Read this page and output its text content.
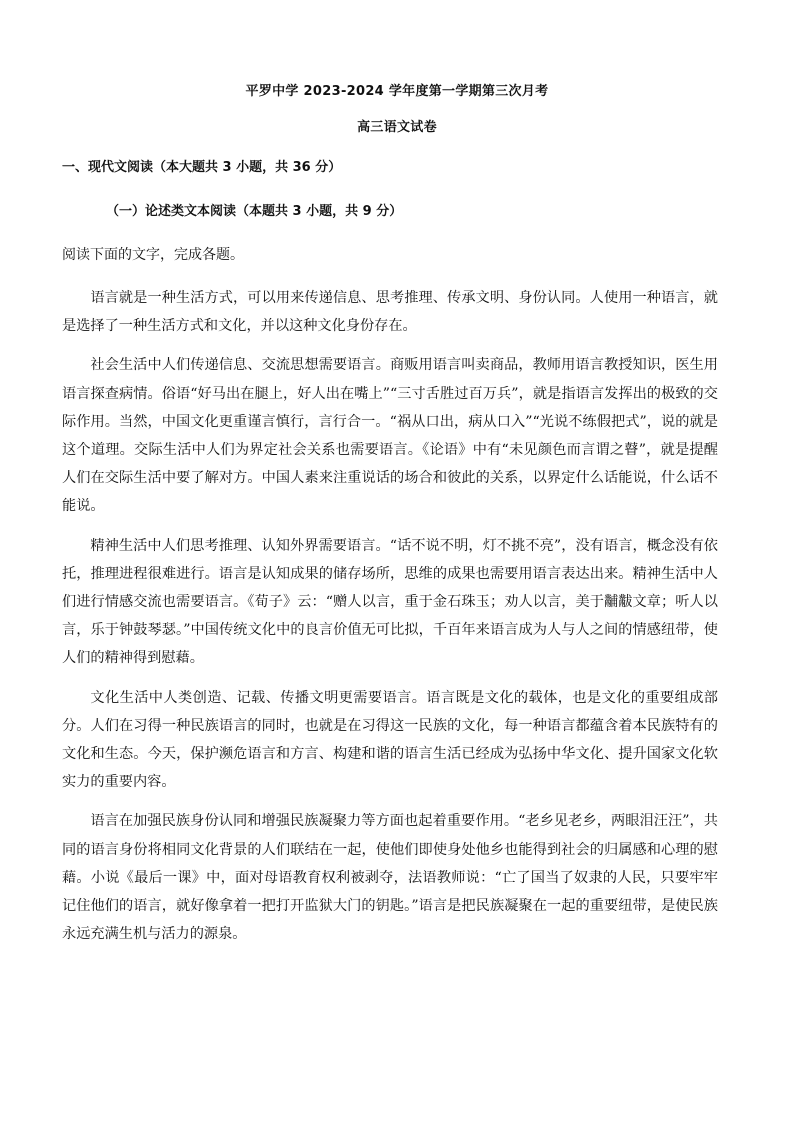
平罗中学 2023-2024 学年度第一学期第三次月考
高三语文试卷
一、现代文阅读（本大题共 3 小题，共 36 分）
（一）论述类文本阅读（本题共 3 小题，共 9 分）
阅读下面的文字，完成各题。

语言就是一种生活方式，可以用来传递信息、思考推理、传承文明、身份认同。人使用一种语言，就是选择了一种生活方式和文化，并以这种文化身份存在。

社会生活中人们传递信息、交流思想需要语言。商贩用语言叫卖商品，教师用语言教授知识，医生用语言探查病情。俗语“好马出在腿上，好人出在嘴上”“三寸舌胜过百万兵”，就是指语言发挥出的极致的交际作用。当然，中国文化更重谨言慎行，言行合一。“祸从口出，病从口入”“光说不练假把式”，说的就是这个道理。交际生活中人们为界定社会关系也需要语言。《论语》中有“未见颜色而言谓之瞽”，就是提醒人们在交际生活中要了解对方。中国人素来注重说话的场合和彼此的关系，以界定什么话能说，什么话不能说。

精神生活中人们思考推理、认知外界需要语言。“话不说不明，灯不挑不亮”，没有语言，概念没有依托，推理进程很难进行。语言是认知成果的储存场所，思维的成果也需要用语言表达出来。精神生活中人们进行情感交流也需要语言。《荀子》云：“赠人以言，重于金石珠玉；劝人以言，美于黼黻文章；听人以言，乐于钟鼓琴瑟。”中国传统文化中的良言价值无可比拟，千百年来语言成为人与人之间的情感纽带，使人们的精神得到慰藉。

文化生活中人类创造、记载、传播文明更需要语言。语言既是文化的载体，也是文化的重要组成部分。人们在习得一种民族语言的同时，也就是在习得这一民族的文化，每一种语言都蕴含着本民族特有的文化和生态。今天，保护濒危语言和方言、构建和谐的语言生活已经成为弘扬中华文化、提升国家文化软实力的重要内容。

语言在加强民族身份认同和增强民族凝聚力等方面也起着重要作用。“老乡见老乡，两眼泪汪汪”，共同的语言身份将相同文化背景的人们联结在一起，使他们即使身处他乡也能得到社会的归属感和心理的慰藉。小说《最后一课》中，面对母语教育权利被剥夺，法语教师说：“亡了国当了奴隶的人民，只要牢牢记住他们的语言，就好像拿着一把打开监狱大门的钥匙。”语言是把民族凝聚在一起的重要纽带，是使民族永远充满生机与活力的源泉。
